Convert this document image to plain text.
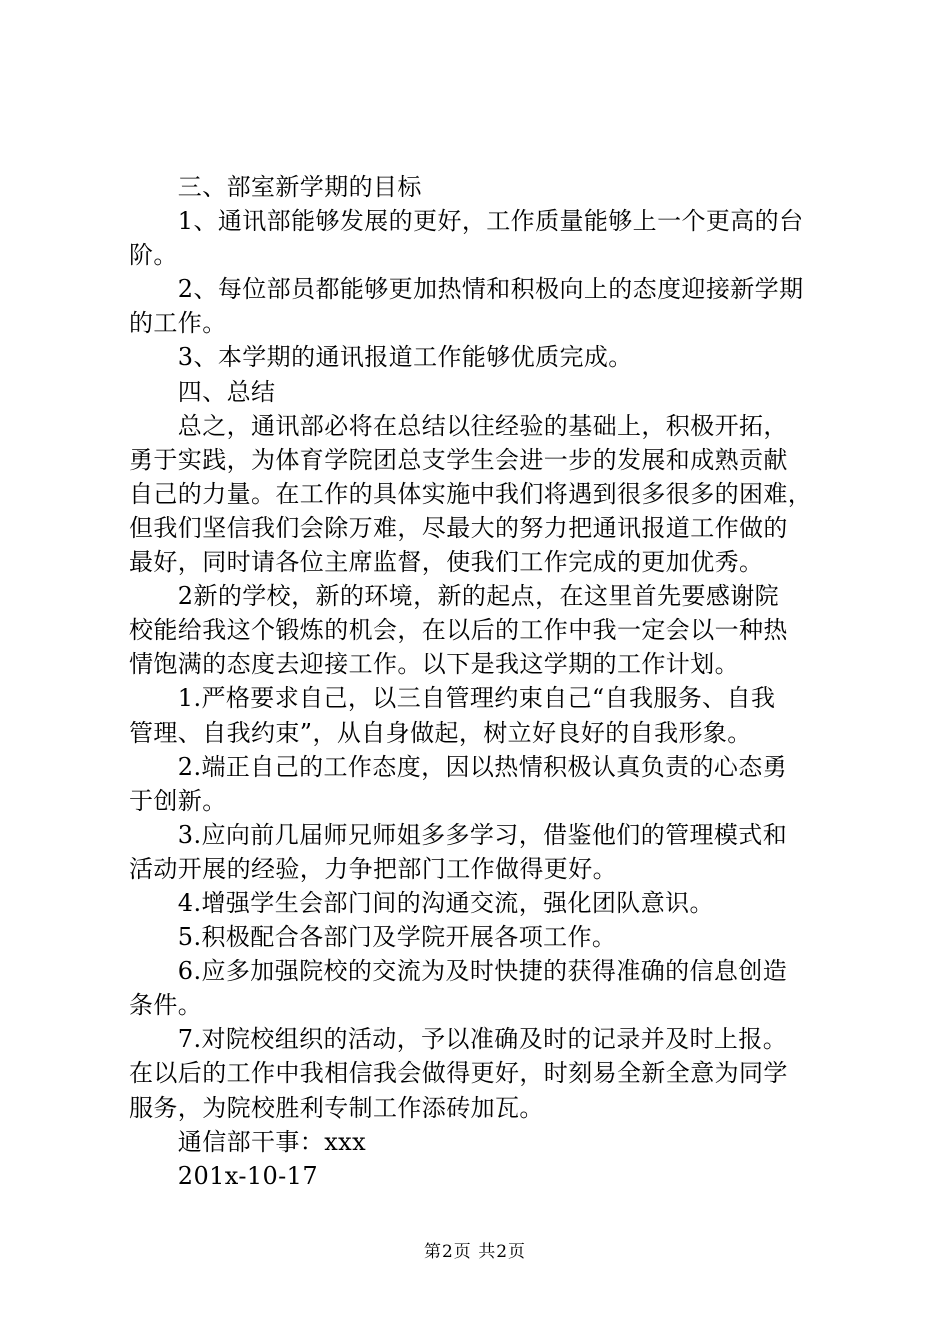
　　三、部室新学期的目标
　　1、通讯部能够发展的更好，工作质量能够上一个更高的台
阶。
　　2、每位部员都能够更加热情和积极向上的态度迎接新学期
的工作。
　　3、本学期的通讯报道工作能够优质完成。
　　四、总结
　　总之，通讯部必将在总结以往经验的基础上，积极开拓，
勇于实践，为体育学院团总支学生会进一步的发展和成熟贡献
自己的力量。在工作的具体实施中我们将遇到很多很多的困难，
但我们坚信我们会除万难，尽最大的努力把通讯报道工作做的
最好，同时请各位主席监督，使我们工作完成的更加优秀。
　　2新的学校，新的环境，新的起点，在这里首先要感谢院
校能给我这个锻炼的机会，在以后的工作中我一定会以一种热
情饱满的态度去迎接工作。以下是我这学期的工作计划。
　　1.严格要求自己，以三自管理约束自己“自我服务、自我
管理、自我约束”，从自身做起，树立好良好的自我形象。
　　2.端正自己的工作态度，因以热情积极认真负责的心态勇
于创新。
　　3.应向前几届师兄师姐多多学习，借鉴他们的管理模式和
活动开展的经验，力争把部门工作做得更好。
　　4.增强学生会部门间的沟通交流，强化团队意识。
　　5.积极配合各部门及学院开展各项工作。
　　6.应多加强院校的交流为及时快捷的获得准确的信息创造
条件。
　　7.对院校组织的活动，予以准确及时的记录并及时上报。
在以后的工作中我相信我会做得更好，时刻易全新全意为同学
服务，为院校胜利专制工作添砖加瓦。
　　通信部干事：xxx
　　201x-10-17
第2页 共2页
